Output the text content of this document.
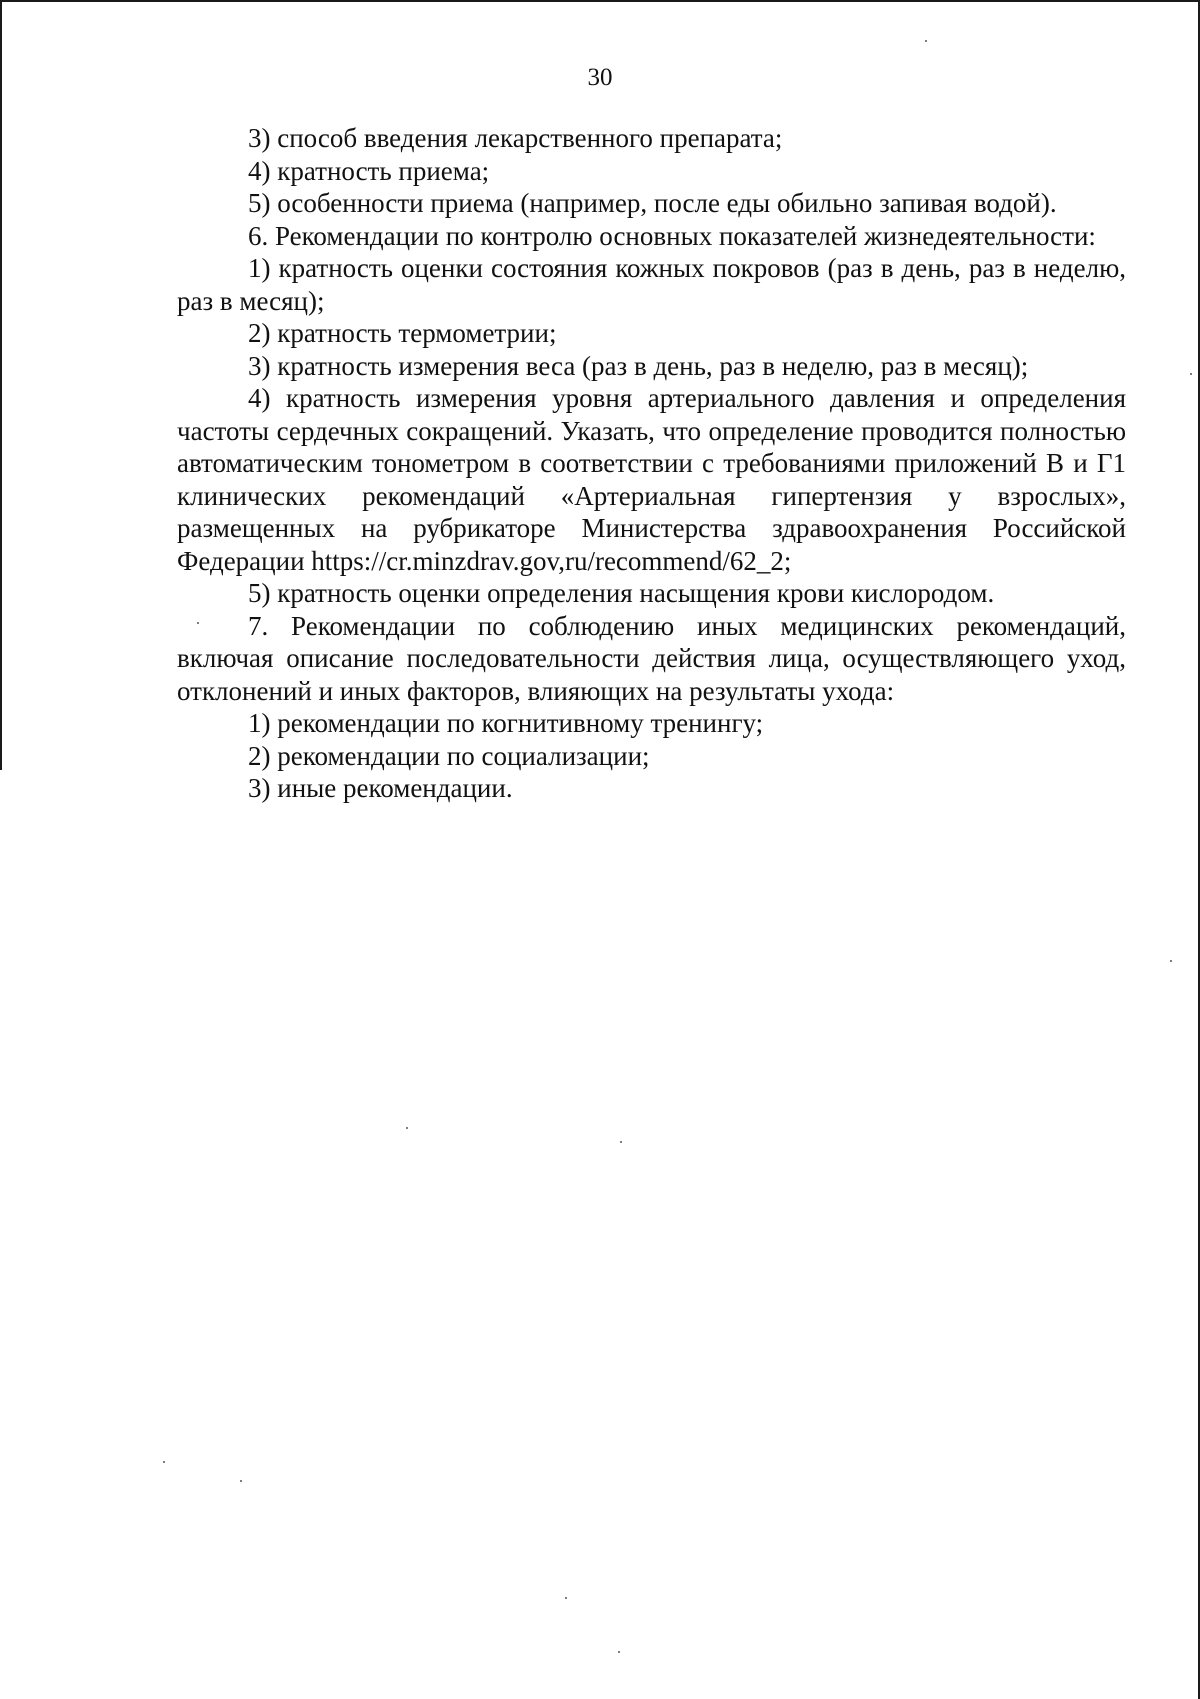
30

3) способ введения лекарственного препарата;

4) кратность приема;

5) особенности приема (например, после еды обильно запивая водой).

6. Рекомендации по контролю основных показателей жизнедеятельности:

1) кратность оценки состояния кожных покровов (раз в день, раз в неделю, раз в месяц);

2) кратность термометрии;

3) кратность измерения веса (раз в день, раз в неделю, раз в месяц);

4) кратность измерения уровня артериального давления и определения частоты сердечных сокращений. Указать, что определение проводится полностью автоматическим тонометром в соответствии с требованиями приложений В и Г1 клинических рекомендаций «Артериальная гипертензия у взрослых», размещенных на рубрикаторе Министерства здравоохранения Российской Федерации https://cr.minzdrav.gov,ru/recommend/62_2;

5) кратность оценки определения насыщения крови кислородом.

7. Рекомендации по соблюдению иных медицинских рекомендаций, включая описание последовательности действия лица, осуществляющего уход, отклонений и иных факторов, влияющих на результаты ухода:

1) рекомендации по когнитивному тренингу;

2) рекомендации по социализации;

3) иные рекомендации.
